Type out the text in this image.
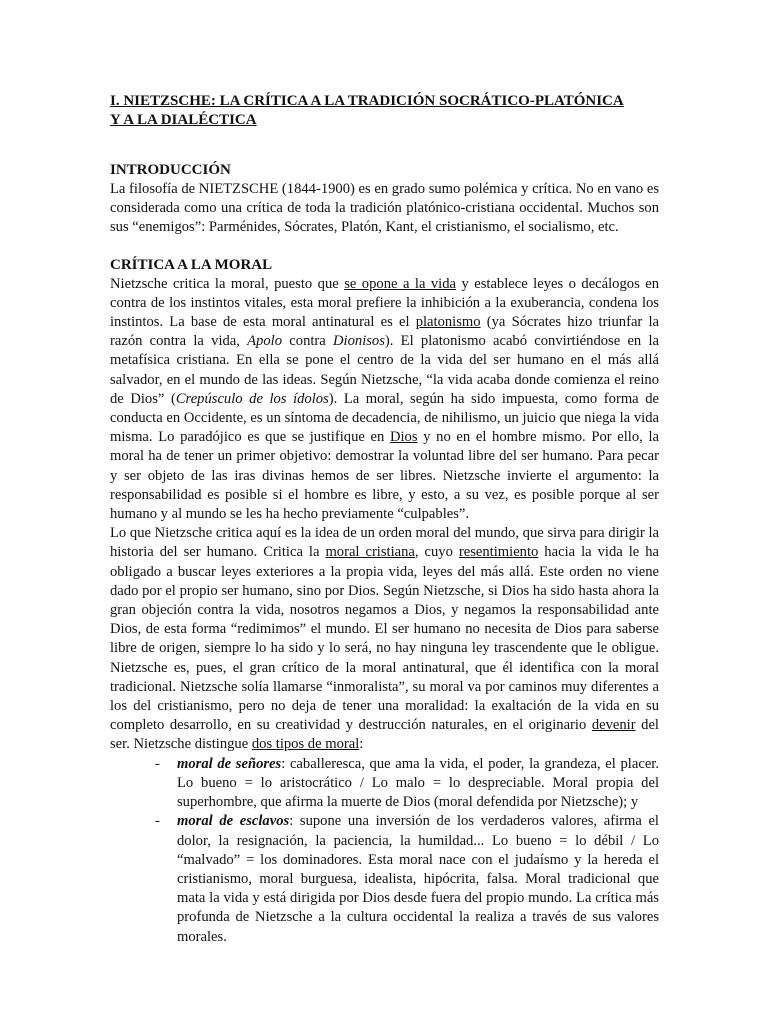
I. NIETZSCHE: LA CRÍTICA A LA TRADICIÓN SOCRÁTICO-PLATÓNICA
Y A LA DIALÉCTICA

INTRODUCCIÓN

La filosofía de NIETZSCHE (1844-1900) es en grado sumo polémica y crítica. No en vano es considerada como una crítica de toda la tradición platónico-cristiana occidental. Muchos son sus “enemigos”: Parménides, Sócrates, Platón, Kant, el cristianismo, el socialismo, etc.

CRÍTICA A LA MORAL

Nietzsche critica la moral, puesto que se opone a la vida y establece leyes o decálogos en contra de los instintos vitales, esta moral prefiere la inhibición a la exuberancia, condena los instintos. La base de esta moral antinatural es el platonismo (ya Sócrates hizo triunfar la razón contra la vida, Apolo contra Dionisos). El platonismo acabó convirtiéndose en la metafísica cristiana. En ella se pone el centro de la vida del ser humano en el más allá salvador, en el mundo de las ideas. Según Nietzsche, “la vida acaba donde comienza el reino de Dios” (Crepúsculo de los ídolos). La moral, según ha sido impuesta, como forma de conducta en Occidente, es un síntoma de decadencia, de nihilismo, un juicio que niega la vida misma. Lo paradójico es que se justifique en Dios y no en el hombre mismo. Por ello, la moral ha de tener un primer objetivo: demostrar la voluntad libre del ser humano. Para pecar y ser objeto de las iras divinas hemos de ser libres. Nietzsche invierte el argumento: la responsabilidad es posible si el hombre es libre, y esto, a su vez, es posible porque al ser humano y al mundo se les ha hecho previamente “culpables”.

Lo que Nietzsche critica aquí es la idea de un orden moral del mundo, que sirva para dirigir la historia del ser humano. Critica la moral cristiana, cuyo resentimiento hacia la vida le ha obligado a buscar leyes exteriores a la propia vida, leyes del más allá. Este orden no viene dado por el propio ser humano, sino por Dios. Según Nietzsche, si Dios ha sido hasta ahora la gran objeción contra la vida, nosotros negamos a Dios, y negamos la responsabilidad ante Dios, de esta forma “redimimos” el mundo. El ser humano no necesita de Dios para saberse libre de origen, siempre lo ha sido y lo será, no hay ninguna ley trascendente que le obligue. Nietzsche es, pues, el gran crítico de la moral antinatural, que él identifica con la moral tradicional. Nietzsche solía llamarse “inmoralista”, su moral va por caminos muy diferentes a los del cristianismo, pero no deja de tener una moralidad: la exaltación de la vida en su completo desarrollo, en su creatividad y destrucción naturales, en el originario devenir del ser. Nietzsche distingue dos tipos de moral:

- moral de señores: caballeresca, que ama la vida, el poder, la grandeza, el placer. Lo bueno = lo aristocrático / Lo malo = lo despreciable. Moral propia del superhombre, que afirma la muerte de Dios (moral defendida por Nietzsche); y
- moral de esclavos: supone una inversión de los verdaderos valores, afirma el dolor, la resignación, la paciencia, la humildad... Lo bueno = lo débil / Lo “malvado” = los dominadores. Esta moral nace con el judaísmo y la hereda el cristianismo, moral burguesa, idealista, hipócrita, falsa. Moral tradicional que mata la vida y está dirigida por Dios desde fuera del propio mundo. La crítica más profunda de Nietzsche a la cultura occidental la realiza a través de sus valores morales.
